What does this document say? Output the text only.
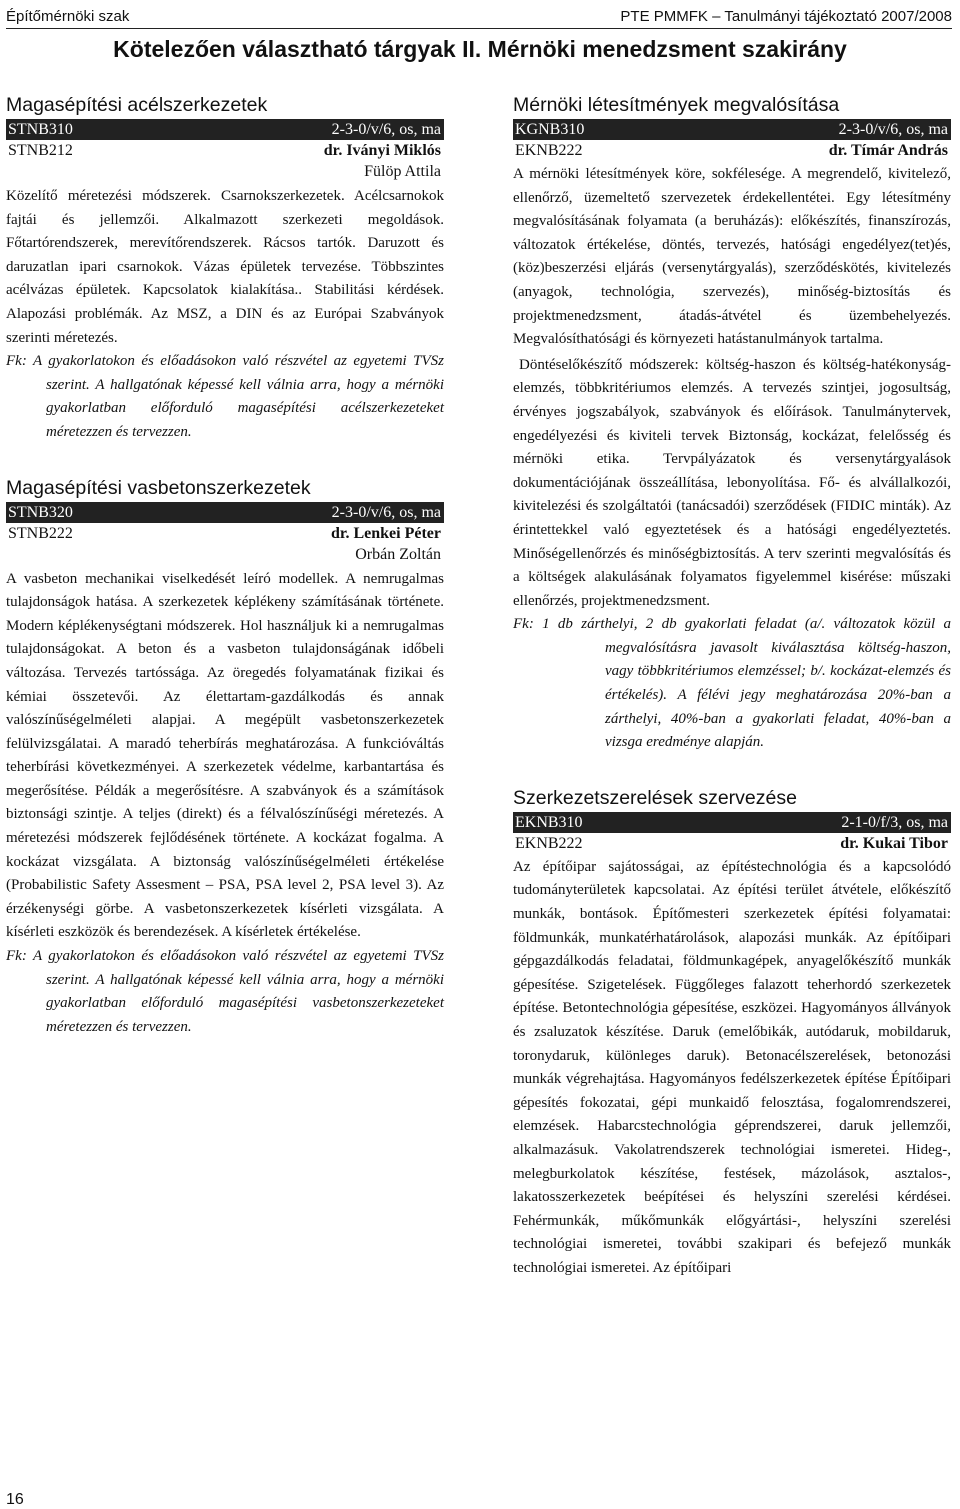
Építőmérnöki szak	PTE PMMFK – Tanulmányi tájékoztató 2007/2008
Kötelezően választható tárgyak II. Mérnöki menedzsment szakirány
Magasépítési acélszerkezetek
STNB310	2-3-0/v/6, os, ma
STNB212	dr. Iványi Miklós
Fülöp Attila

Közelítő méretezési módszerek. Csarnokszerkezetek. Acélcsarnokok fajtái és jellemzői. Alkalmazott szerkezeti megoldások. Főtartórendszerek, merevítőrendszerek. Rácsos tartók. Daruzott és daruzatlan ipari csarnokok. Vázas épületek tervezése. Többszintes acélvázas épületek. Kapcsolatok kialakítása.. Stabilitási kérdések. Alapozási problémák. Az MSZ, a DIN és az Európai Szabványok szerinti méretezés.

Fk: A gyakorlatokon és előadásokon való részvétel az egyetemi TVSz szerint. A hallgatónak képessé kell válnia arra, hogy a mérnöki gyakorlatban előforduló magasépítési acélszerkezeteket méretezzen és tervezzen.

Magasépítési vasbetonszerkezetek
STNB320	2-3-0/v/6, os, ma
STNB222	dr. Lenkei Péter
Orbán Zoltán

A vasbeton mechanikai viselkedését leíró modellek. A nemrugalmas tulajdonságok hatása. A szerkezetek képlékeny számításának története. Modern képlékenységtani módszerek. Hol használjuk ki a nemrugalmas tulajdonságokat. A beton és a vasbeton tulajdonságának időbeli változása. Tervezés tartóssága. Az öregedés folyamatának fizikai és kémiai összetevői. Az élettartam-gazdálkodás és annak valószínűségelméleti alapjai. A megépült vasbetonszerkezetek felülvizsgálatai. A maradó teherbírás meghatározása. A funkcióváltás teherbírási következményei. A szerkezetek védelme, karbantartása és megerősítése. Példák a megerősítésre. A szabványok és a számítások biztonsági szintje. A teljes (direkt) és a félvalószínűségi méretezés. A méretezési módszerek fejlődésének története. A kockázat fogalma. A kockázat vizsgálata. A biztonság valószínűségelméleti értékelése (Probabilistic Safety Assesment – PSA, PSA level 2, PSA level 3). Az érzékenységi görbe. A vasbetonszerkezetek kísérleti vizsgálata. A kísérleti eszközök és berendezések. A kísérletek értékelése.

Fk: A gyakorlatokon és előadásokon való részvétel az egyetemi TVSz szerint. A hallgatónak képessé kell válnia arra, hogy a mérnöki gyakorlatban előforduló magasépítési vasbetonszerkezeteket méretezzen és tervezzen.

Mérnöki létesítmények megvalósítása
KGNB310	2-3-0/v/6, os, ma
EKNB222	dr. Tímár András

A mérnöki létesítmények köre, sokfélesége. A megrendelő, kivitelező, ellenőrző, üzemeltető szervezetek érdekellentétei. Egy létesítmény megvalósításának folyamata (a beruházás): előkészítés, finanszírozás, változatok értékelése, döntés, tervezés, hatósági engedélyez(tet)és, (köz)beszerzési eljárás (versenytárgyalás), szerződéskötés, kivitelezés (anyagok, technológia, szervezés), minőség-biztosítás és projektmenedzsment, átadás-átvétel és üzembehelyezés. Megvalósíthatósági és környezeti hatástanulmányok tartalma.

Döntéselőkészítő módszerek: költség-haszon és költség-hatékonyság-elemzés, többkritériumos elemzés. A tervezés szintjei, jogosultság, érvényes jogszabályok, szabványok és előírások. Tanulmánytervek, engedélyezési és kiviteli tervek Biztonság, kockázat, felelősség és mérnöki etika. Tervpályázatok és versenytárgyalások dokumentációjának összeállítása, lebonyolítása. Fő- és alvállalkozói, kivitelezési és szolgáltatói (tanácsadói) szerződések (FIDIC minták). Az érintettekkel való egyeztetések és a hatósági engedélyeztetés. Minőségellenőrzés és minőségbiztosítás. A terv szerinti megvalósítás és a költségek alakulásának folyamatos figyelemmel kisérése: műszaki ellenőrzés, projektmenedzsment.

Fk: 1 db zárthelyi, 2 db gyakorlati feladat (a/. változatok közül a megvalósításra javasolt kiválasztása költség-haszon, vagy többkritériumos elemzéssel; b/. kockázat-elemzés és értékelés). A félévi jegy meghatározása 20%-ban a zárthelyi, 40%-ban a gyakorlati feladat, 40%-ban a vizsga eredménye alapján.

Szerkezetszerelések szervezése
EKNB310	2-1-0/f/3, os, ma
EKNB222	dr. Kukai Tibor

Az építőipar sajátosságai, az építéstechnológia és a kapcsolódó tudományterületek kapcsolatai. Az építési terület átvétele, előkészítő munkák, bontások. Építőmesteri szerkezetek építési folyamatai: földmunkák, munkatérhatárolások, alapozási munkák. Az építőipari gépgazdálkodás feladatai, földmunkagépek, anyagelőkészítő munkák gépesítése. Szigetelések. Függőleges falazott teherhordó szerkezetek építése. Betontechnológia gépesítése, eszközei. Hagyományos állványok és zsaluzatok készítése. Daruk (emelőbikák, autódaruk, mobildaruk, toronydaruk, különleges daruk). Betonacélszerelések, betonozási munkák végrehajtása. Hagyományos fedélszerkezetek építése Építőipari gépesítés fokozatai, gépi munkaidő felosztása, fogalomrendszerei, elemzések. Habarcstechnológia géprendszerei, daruk jellemzői, alkalmazásuk. Vakolatrendszerek technológiai ismeretei. Hideg-, melegburkolatok készítése, festések, mázolások, asztalos-, lakatosszerkezetek beépítései és helyszíni szerelési kérdései. Fehérmunkák, műkőmunkák előgyártási-, helyszíni szerelési technológiai ismeretei, további szakipari és befejező munkák technológiai ismeretei. Az építőipari

16
